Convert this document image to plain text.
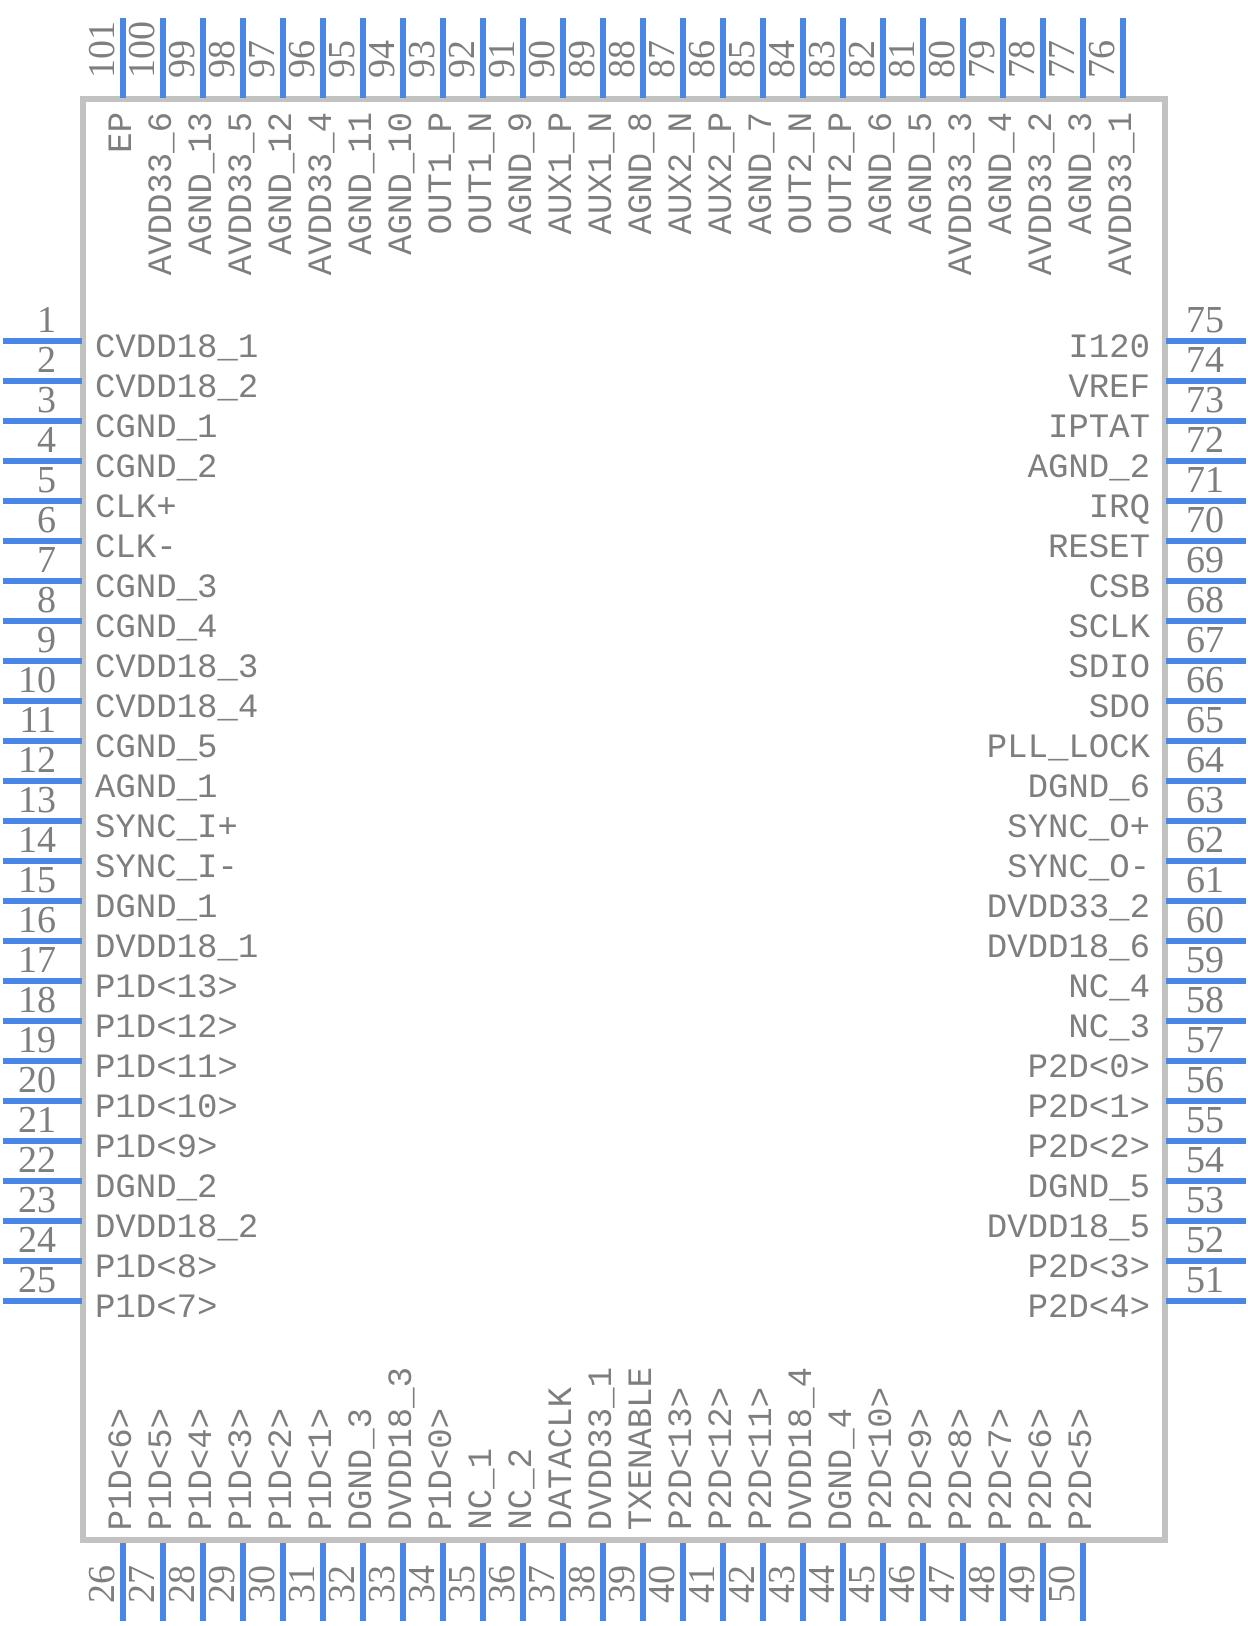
101
EP
100
AVDD33_6
99
AGND_13
98
AVDD33_5
97
AGND_12
96
AVDD33_4
95
AGND_11
94
AGND_10
93
OUT1_P
92
OUT1_N
91
AGND_9
90
AUX1_P
89
AUX1_N
88
AGND_8
87
AUX2_N
86
AUX2_P
85
AGND_7
84
OUT2_N
83
OUT2_P
82
AGND_6
81
AGND_5
80
AVDD33_3
79
AGND_4
78
AVDD33_2
77
AGND_3
76
AVDD33_1
26
P1D<6>
27
P1D<5>
28
P1D<4>
29
P1D<3>
30
P1D<2>
31
P1D<1>
32
DGND_3
33
DVDD18_3
34
P1D<0>
35
NC_1
36
NC_2
37
DATACLK
38
DVDD33_1
39
TXENABLE
40
P2D<13>
41
P2D<12>
42
P2D<11>
43
DVDD18_4
44
DGND_4
45
P2D<10>
46
P2D<9>
47
P2D<8>
48
P2D<7>
49
P2D<6>
50
P2D<5>
1
CVDD18_1
2
CVDD18_2
3
CGND_1
4
CGND_2
5
CLK+
6
CLK-
7
CGND_3
8
CGND_4
9
CVDD18_3
10
CVDD18_4
11
CGND_5
12
AGND_1
13
SYNC_I+
14
SYNC_I-
15
DGND_1
16
DVDD18_1
17
P1D<13>
18
P1D<12>
19
P1D<11>
20
P1D<10>
21
P1D<9>
22
DGND_2
23
DVDD18_2
24
P1D<8>
25
P1D<7>
75
I120 74
VREF 73
IPTAT 72
AGND_2 71
IRQ 70
RESET 69
CSB 68
SCLK 67
SDIO 66
SDO 65
PLL_LOCK 64
DGND_6 63
SYNC_O+ 62
SYNC_O- 61
DVDD33_2 60
DVDD18_6 59
NC_4 58
NC_3 57
P2D<0> 56
P2D<1> 55
P2D<2> 54
DGND_5 53
DVDD18_5 52
P2D<3> 51
P2D<4>
